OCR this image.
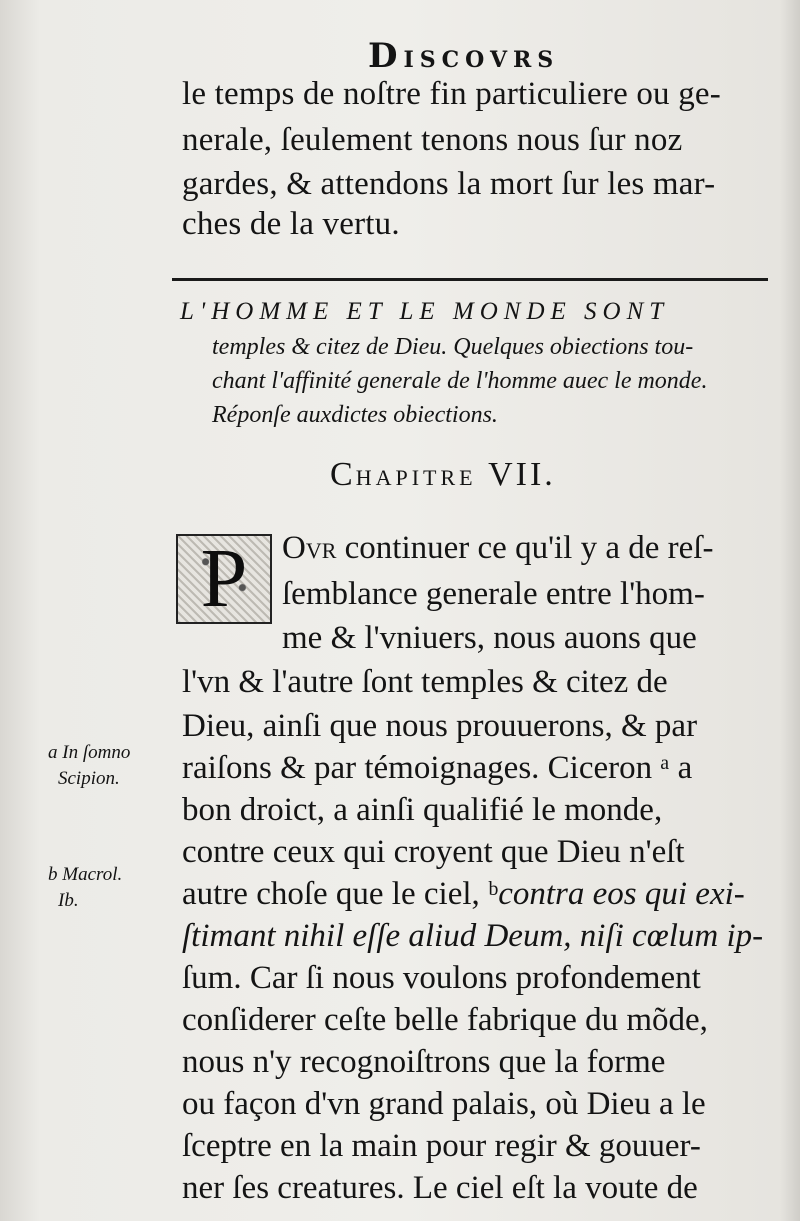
DISCOVRS
le temps de noſtre fin particuliere ou ge-
nerale, ſeulement tenons nous ſur noz
gardes, & attendons la mort ſur les mar-
ches de la vertu.
L'HOMME ET LE MONDE SONT
temples & citez de Dieu. Quelques obiections tou-
chant l'affinité generale de l'homme auec le monde.
Réponſe auxdictes obiections.
CHAPITRE VII.
P	OVR continuer ce qu'il y a de reſ-
ſemblance generale entre l'hom-
me & l'vniuers, nous auons que
l'vn & l'autre ſont temples & citez de
Dieu, ainſi que nous prouuerons, & par
raiſons & par témoignages. Ciceron ᵃ a
bon droict, a ainſi qualifié le monde,
contre ceux qui croyent que Dieu n'eſt
autre choſe que le ciel, ᵇcontra eos qui exi-
ſtimant nihil eſſe aliud Deum, niſi cœlum ip-
ſum. Car ſi nous voulons profondement
conſiderer ceſte belle fabrique du mõde,
nous n'y recognoiſtrons que la forme
ou façon d'vn grand palais, où Dieu a le
ſceptre en la main pour regir & gouuer-
ner ſes creatures. Le ciel eſt la voute de
a In ſomno
Scipion.
b Macrol.
Ib.
